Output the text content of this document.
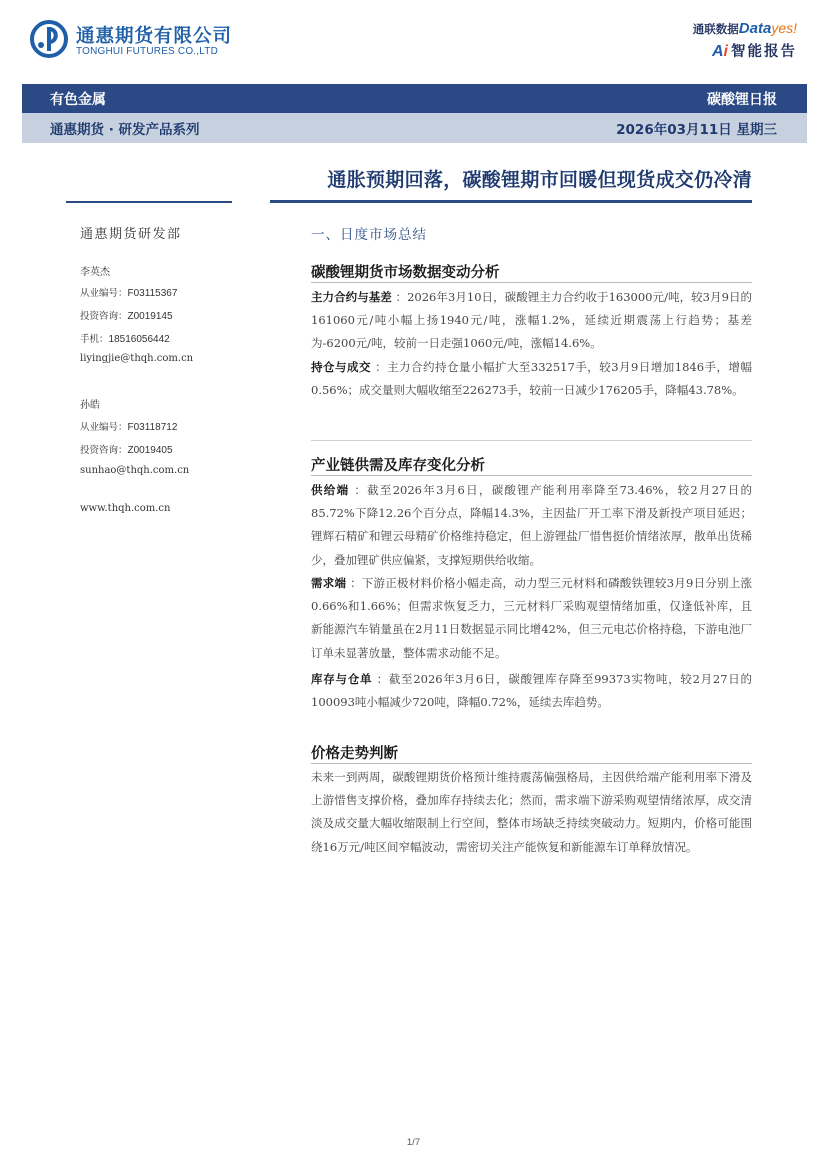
通惠期货有限公司
TONGHUI FUTURES CO.,LTD
通联数据Datayes!
Ai 智能报告
有色金属	碳酸锂日报
通惠期货 · 研发产品系列	2026年03月11日 星期三
通胀预期回落，碳酸锂期市回暖但现货成交仍冷清
通惠期货研发部
李英杰
从业编号：F03115367
投资咨询：Z0019145
手机：18516056442
liyingjie@thqh.com.cn
孙皓
从业编号：F03118712
投资咨询：Z0019405
sunhao@thqh.com.cn
www.thqh.com.cn
一、日度市场总结
碳酸锂期货市场数据变动分析
主力合约与基差 ：2026年3月10日，碳酸锂主力合约收于163000元/吨，较3月9日的161060元/吨小幅上扬1940元/吨，涨幅1.2%，延续近期震荡上行趋势；基差为-6200元/吨，较前一日走强1060元/吨，涨幅14.6%。
持仓与成交 ：主力合约持仓量小幅扩大至332517手，较3月9日增加1846手，增幅0.56%；成交量则大幅收缩至226273手，较前一日减少176205手，降幅43.78%。
产业链供需及库存变化分析
供给端 ：截至2026年3月6日，碳酸锂产能利用率降至73.46%，较2月27日的85.72%下降12.26个百分点，降幅14.3%，主因盐厂开工率下滑及新投产项目延迟；锂辉石精矿和锂云母精矿价格维持稳定，但上游锂盐厂惜售挺价情绪浓厚，散单出货稀少，叠加锂矿供应偏紧，支撑短期供给收缩。
需求端 ：下游正极材料价格小幅走高，动力型三元材料和磷酸铁锂较3月9日分别上涨0.66%和1.66%；但需求恢复乏力，三元材料厂采购观望情绪加重，仅逢低补库，且新能源汽车销量虽在2月11日数据显示同比增42%，但三元电芯价格持稳，下游电池厂订单未显著放量，整体需求动能不足。
库存与仓单 ：截至2026年3月6日，碳酸锂库存降至99373实物吨，较2月27日的100093吨小幅减少720吨，降幅0.72%，延续去库趋势。
价格走势判断
未来一到两周，碳酸锂期货价格预计维持震荡偏强格局，主因供给端产能利用率下滑及上游惜售支撑价格，叠加库存持续去化；然而，需求端下游采购观望情绪浓厚，成交清淡及成交量大幅收缩限制上行空间，整体市场缺乏持续突破动力。短期内，价格可能围绕16万元/吨区间窄幅波动，需密切关注产能恢复和新能源车订单释放情况。
1/7
